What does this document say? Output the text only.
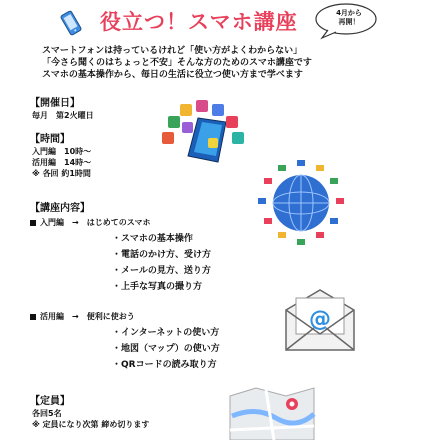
役立つ！スマホ講座	4月から
再開！
スマートフォンは持っているけれど「使い方がよくわからない」
「今さら聞くのはちょっと不安」そんな方のためのスマホ講座です
スマホの基本操作から、毎日の生活に役立つ使い方まで学べます
【開催日】
毎月　第2火曜日
【時間】
入門編　10時〜
活用編　14時〜
※ 各回 約1時間
【講座内容】
入門編　→　はじめてのスマホ
・スマホの基本操作
・電話のかけ方、受け方
・メールの見方、送り方
・上手な写真の撮り方
活用編　→　便利に使おう
・インターネットの使い方
・地図（マップ）の使い方
・QRコードの読み取り方
【定員】
各回5名
※ 定員になり次第 締め切ります
@
